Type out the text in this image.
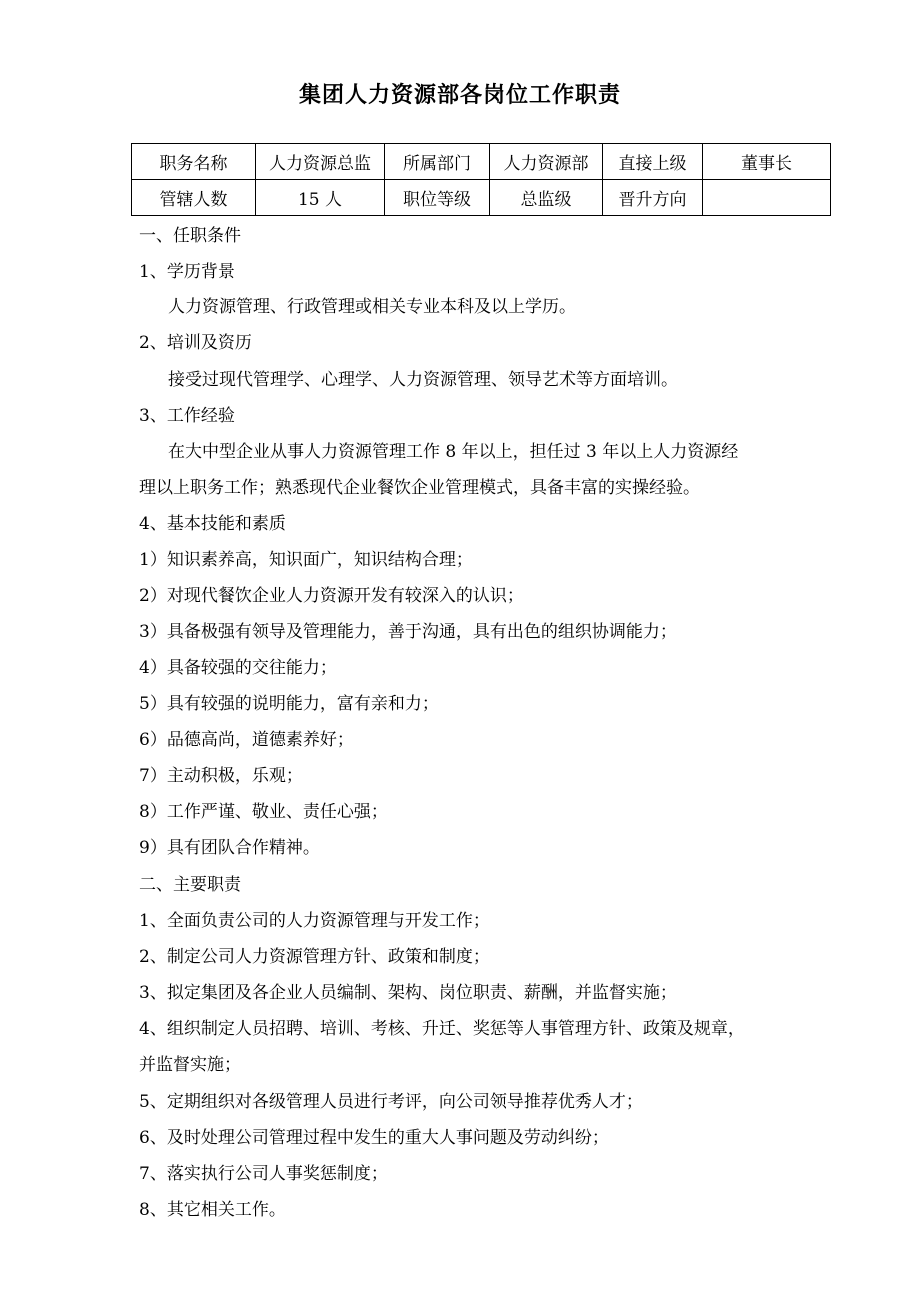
集团人力资源部各岗位工作职责
职务名称	人力资源总监	所属部门	人力资源部	直接上级	董事长
管辖人数	15 人	职位等级	总监级	晋升方向	
一、任职条件
1、学历背景
人力资源管理、行政管理或相关专业本科及以上学历。
2、培训及资历
接受过现代管理学、心理学、人力资源管理、领导艺术等方面培训。
3、工作经验
在大中型企业从事人力资源管理工作 8 年以上，担任过 3 年以上人力资源经
理以上职务工作；熟悉现代企业餐饮企业管理模式，具备丰富的实操经验。
4、基本技能和素质
1）知识素养高，知识面广，知识结构合理；
2）对现代餐饮企业人力资源开发有较深入的认识；
3）具备极强有领导及管理能力，善于沟通，具有出色的组织协调能力；
4）具备较强的交往能力；
5）具有较强的说明能力，富有亲和力；
6）品德高尚，道德素养好；
7）主动积极，乐观；
8）工作严谨、敬业、责任心强；
9）具有团队合作精神。
二、主要职责
1、全面负责公司的人力资源管理与开发工作；
2、制定公司人力资源管理方针、政策和制度；
3、拟定集团及各企业人员编制、架构、岗位职责、薪酬，并监督实施；
4、组织制定人员招聘、培训、考核、升迁、奖惩等人事管理方针、政策及规章，
并监督实施；
5、定期组织对各级管理人员进行考评，向公司领导推荐优秀人才；
6、及时处理公司管理过程中发生的重大人事问题及劳动纠纷；
7、落实执行公司人事奖惩制度；
8、其它相关工作。
